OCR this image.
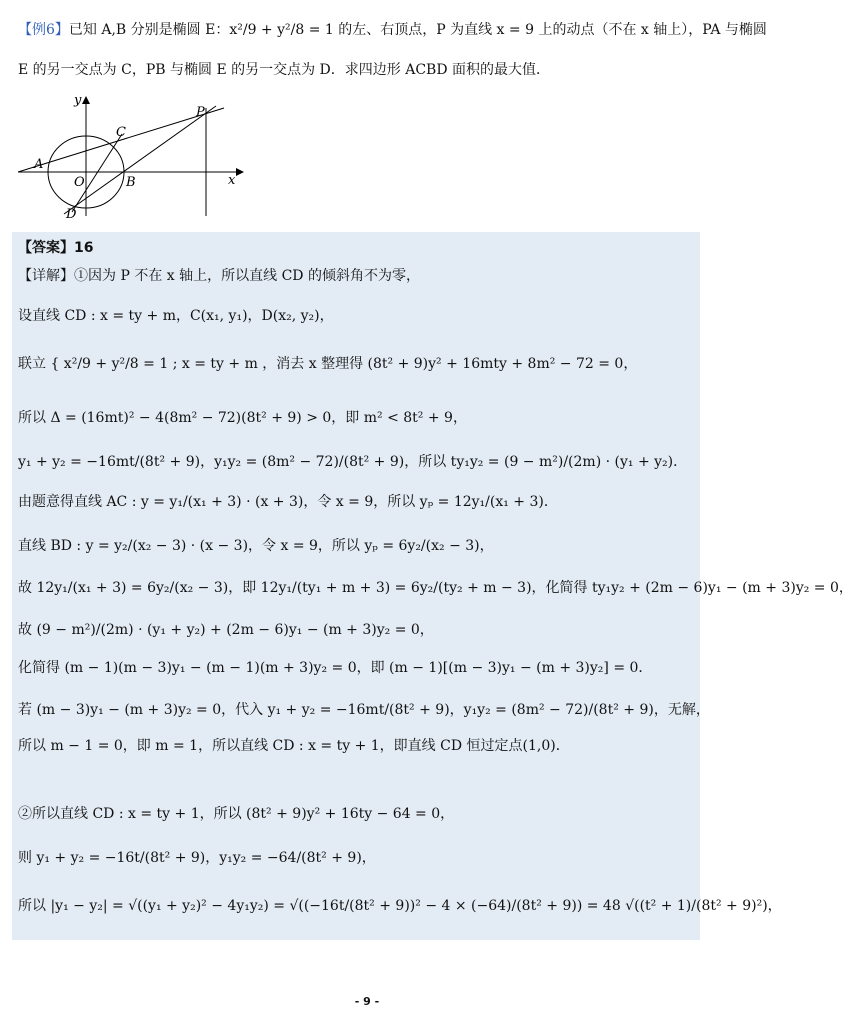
【例6】已知 A,B 分别是椭圆 E：x²/9 + y²/8 = 1 的左、右顶点，P 为直线 x = 9 上的动点（不在 x 轴上），PA 与椭圆
E 的另一交点为 C，PB 与椭圆 E 的另一交点为 D．求四边形 ACBD 面积的最大值．
y
x
O
A
B
C
D
P
【答案】16
【详解】①因为 P 不在 x 轴上，所以直线 CD 的倾斜角不为零，
设直线 CD : x = ty + m，C(x₁, y₁)，D(x₂, y₂)，
联立 { x²/9 + y²/8 = 1 ; x = ty + m ，消去 x 整理得 (8t² + 9)y² + 16mty + 8m² − 72 = 0，
所以 Δ = (16mt)² − 4(8m² − 72)(8t² + 9) > 0，即 m² < 8t² + 9，
y₁ + y₂ = −16mt/(8t² + 9)，y₁y₂ = (8m² − 72)/(8t² + 9)，所以 ty₁y₂ = (9 − m²)/(2m) · (y₁ + y₂)．
由题意得直线 AC : y = y₁/(x₁ + 3) · (x + 3)，令 x = 9，所以 yₚ = 12y₁/(x₁ + 3)．
直线 BD : y = y₂/(x₂ − 3) · (x − 3)，令 x = 9，所以 yₚ = 6y₂/(x₂ − 3)，
故 12y₁/(x₁ + 3) = 6y₂/(x₂ − 3)，即 12y₁/(ty₁ + m + 3) = 6y₂/(ty₂ + m − 3)，化简得 ty₁y₂ + (2m − 6)y₁ − (m + 3)y₂ = 0，
故 (9 − m²)/(2m) · (y₁ + y₂) + (2m − 6)y₁ − (m + 3)y₂ = 0，
化简得 (m − 1)(m − 3)y₁ − (m − 1)(m + 3)y₂ = 0，即 (m − 1)[(m − 3)y₁ − (m + 3)y₂] = 0．
若 (m − 3)y₁ − (m + 3)y₂ = 0，代入 y₁ + y₂ = −16mt/(8t² + 9)，y₁y₂ = (8m² − 72)/(8t² + 9)，无解，
所以 m − 1 = 0，即 m = 1，所以直线 CD : x = ty + 1，即直线 CD 恒过定点(1,0)．
②所以直线 CD : x = ty + 1，所以 (8t² + 9)y² + 16ty − 64 = 0，
则 y₁ + y₂ = −16t/(8t² + 9)，y₁y₂ = −64/(8t² + 9)，
所以 |y₁ − y₂| = √((y₁ + y₂)² − 4y₁y₂) = √((−16t/(8t² + 9))² − 4 × (−64)/(8t² + 9)) = 48 √((t² + 1)/(8t² + 9)²)，
- 9 -
